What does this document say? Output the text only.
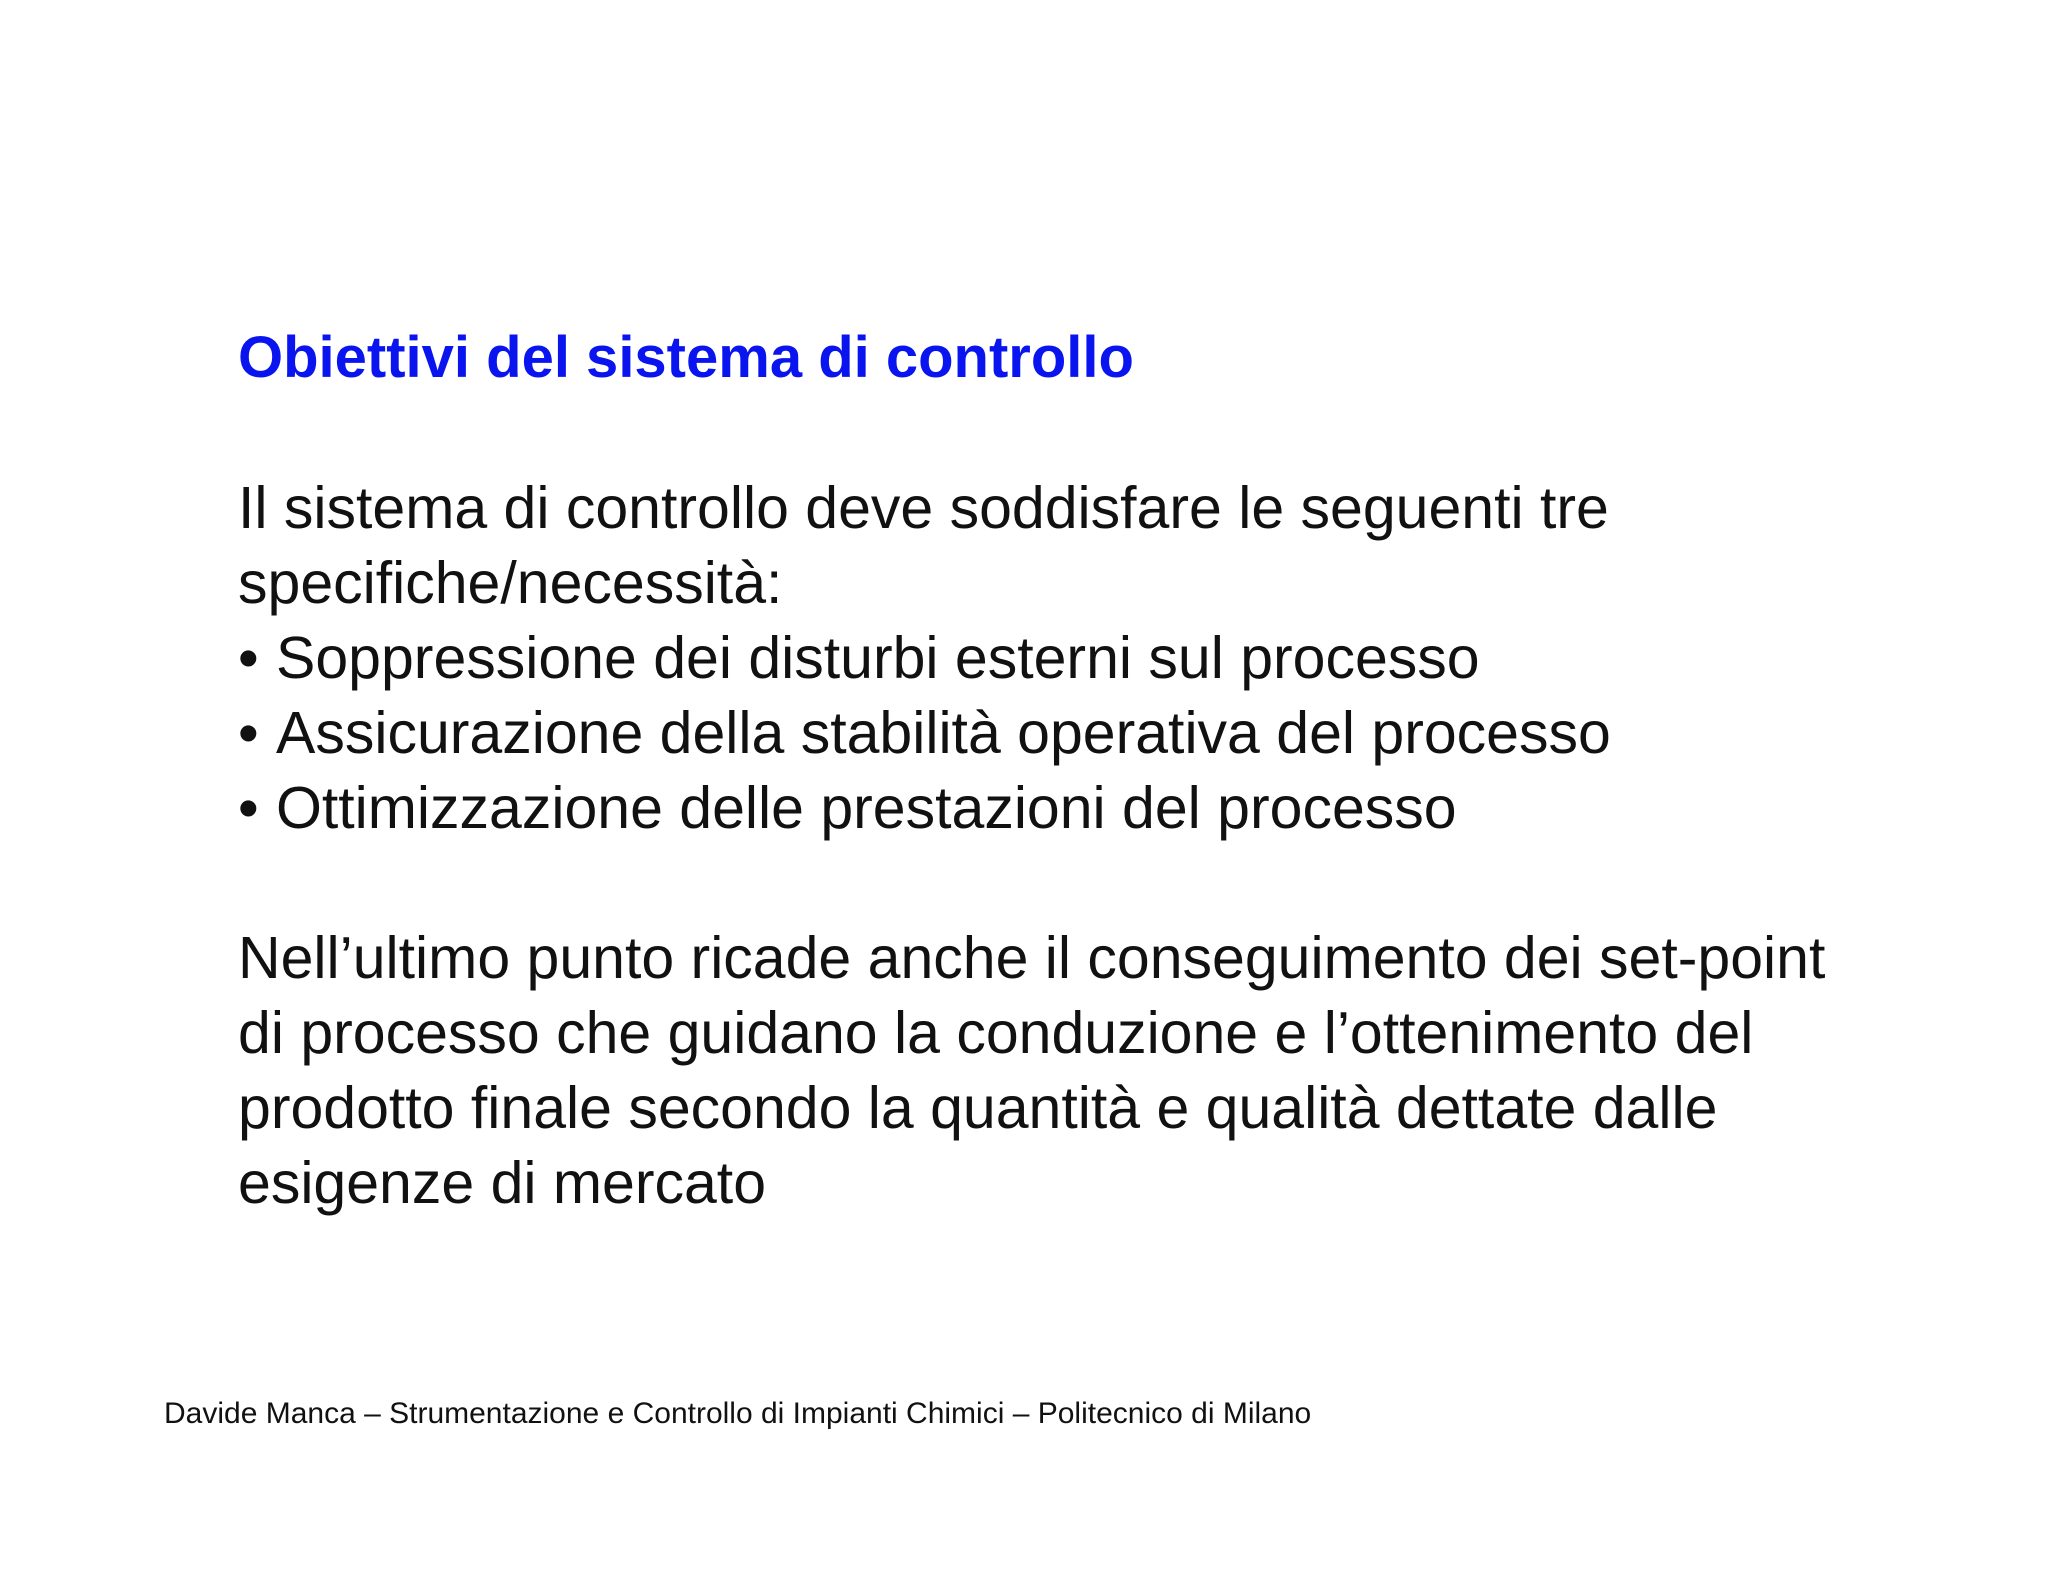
Obiettivi del sistema di controllo

Il sistema di controllo deve soddisfare le seguenti tre specifiche/necessità:

• Soppressione dei disturbi esterni sul processo
• Assicurazione della stabilità operativa del processo
• Ottimizzazione delle prestazioni del processo

Nell’ultimo punto ricade anche il conseguimento dei set-point di processo che guidano la conduzione e l’ottenimento del prodotto finale secondo la quantità e qualità dettate dalle esigenze di mercato

Davide Manca – Strumentazione e Controllo di Impianti Chimici – Politecnico di Milano
